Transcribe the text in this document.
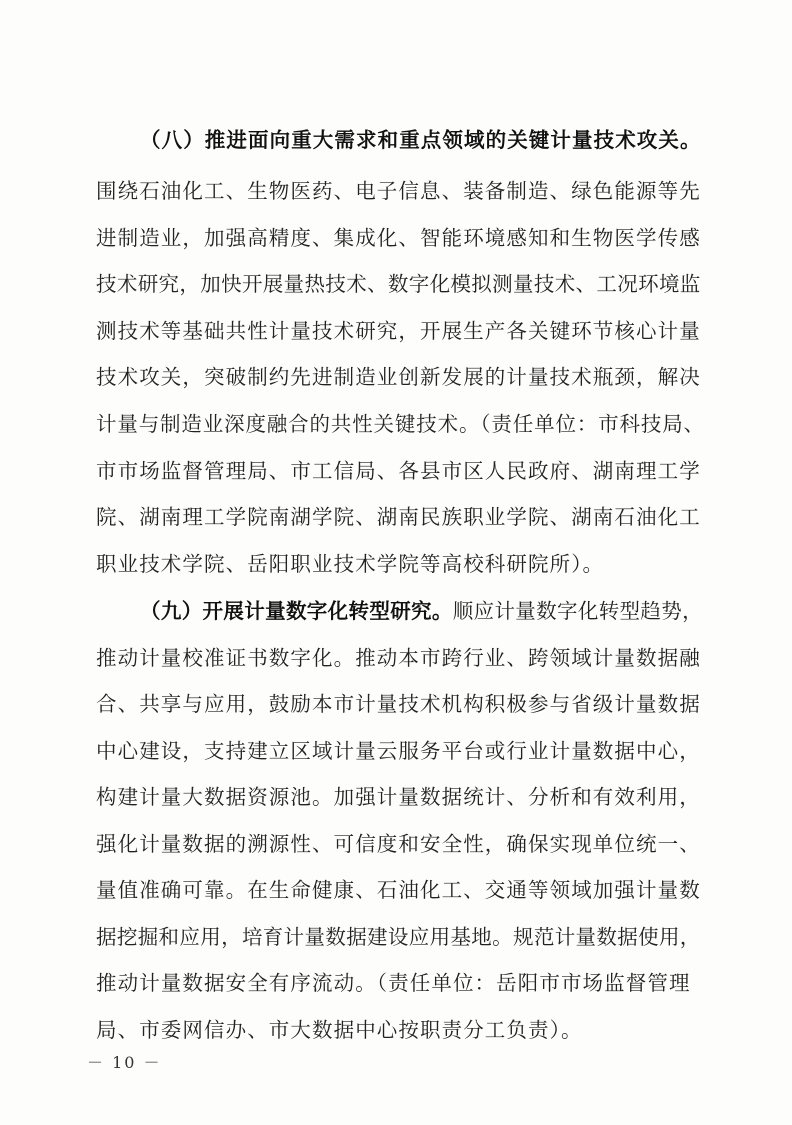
（八）推进面向重大需求和重点领域的关键计量技术攻关。
围绕石油化工、生物医药、电子信息、装备制造、绿色能源等先
进制造业，加强高精度、集成化、智能环境感知和生物医学传感
技术研究，加快开展量热技术、数字化模拟测量技术、工况环境监
测技术等基础共性计量技术研究，开展生产各关键环节核心计量
技术攻关，突破制约先进制造业创新发展的计量技术瓶颈，解决
计量与制造业深度融合的共性关键技术。（责任单位：市科技局、
市市场监督管理局、市工信局、各县市区人民政府、湖南理工学
院、湖南理工学院南湖学院、湖南民族职业学院、湖南石油化工
职业技术学院、岳阳职业技术学院等高校科研院所）。
（九）开展计量数字化转型研究。顺应计量数字化转型趋势，
推动计量校准证书数字化。推动本市跨行业、跨领域计量数据融
合、共享与应用，鼓励本市计量技术机构积极参与省级计量数据
中心建设，支持建立区域计量云服务平台或行业计量数据中心，
构建计量大数据资源池。加强计量数据统计、分析和有效利用，
强化计量数据的溯源性、可信度和安全性，确保实现单位统一、
量值准确可靠。在生命健康、石油化工、交通等领域加强计量数
据挖掘和应用，培育计量数据建设应用基地。规范计量数据使用，
推动计量数据安全有序流动。（责任单位：岳阳市市场监督管理
局、市委网信办、市大数据中心按职责分工负责）。
－ 10 －
